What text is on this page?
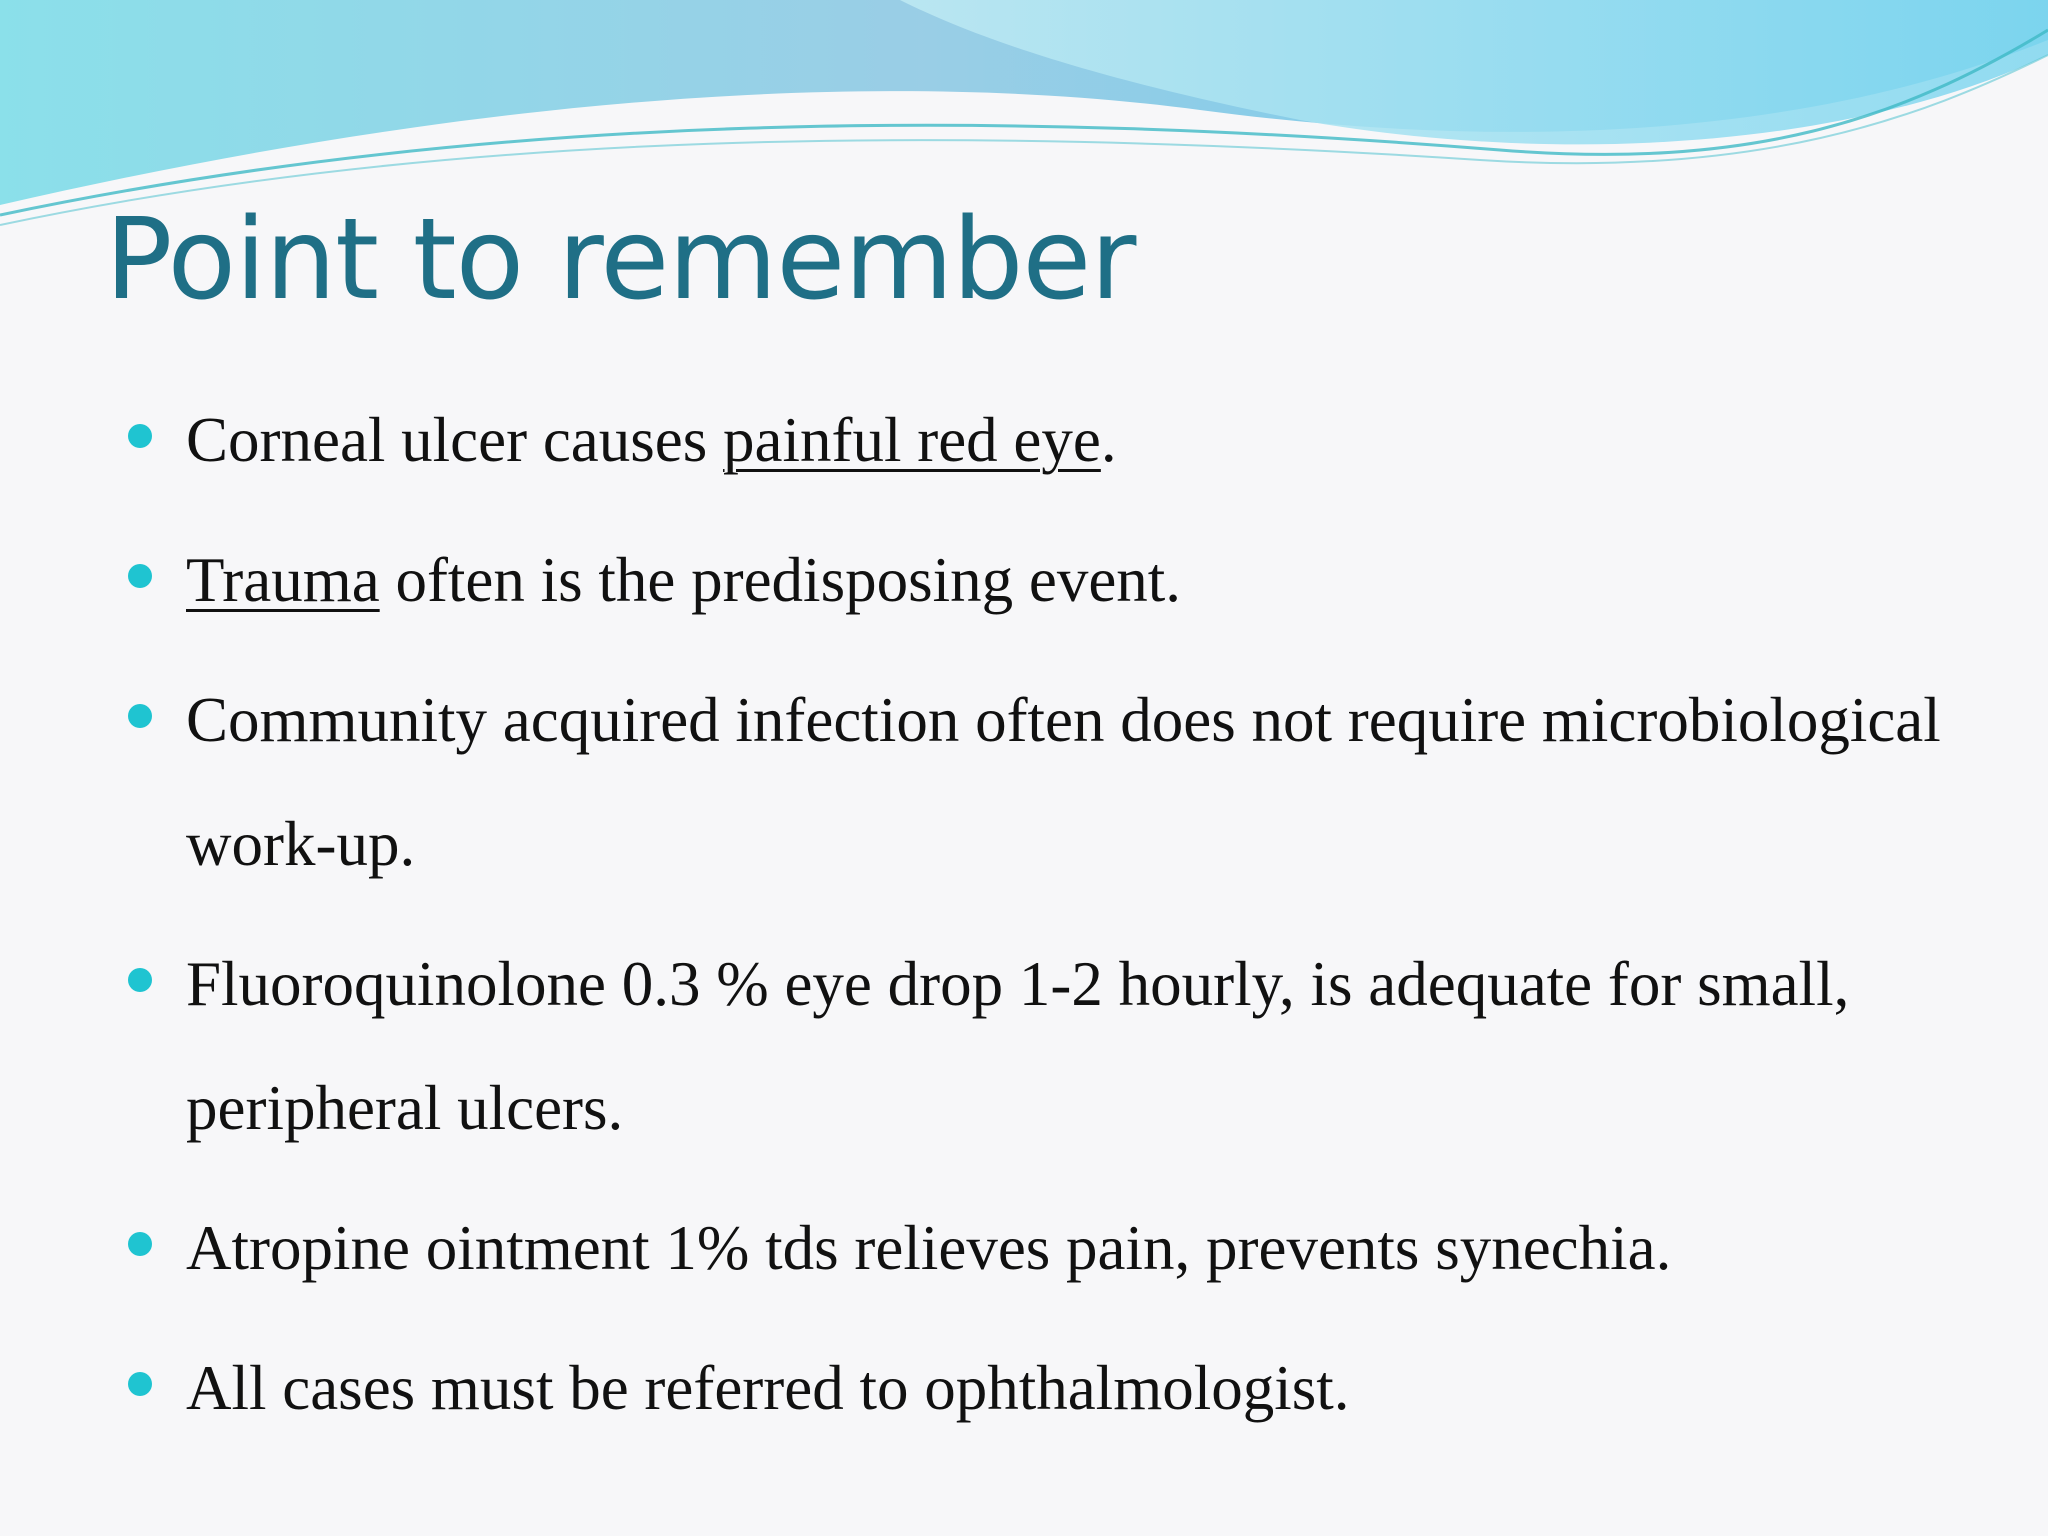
Point to remember
Corneal ulcer causes painful red eye.
Trauma often is the predisposing event.
Community acquired infection often does not require microbiological work-up.
Fluoroquinolone 0.3 % eye drop 1-2 hourly, is adequate for small, peripheral ulcers.
Atropine ointment 1% tds relieves pain, prevents synechia.
All cases must be referred to ophthalmologist.
